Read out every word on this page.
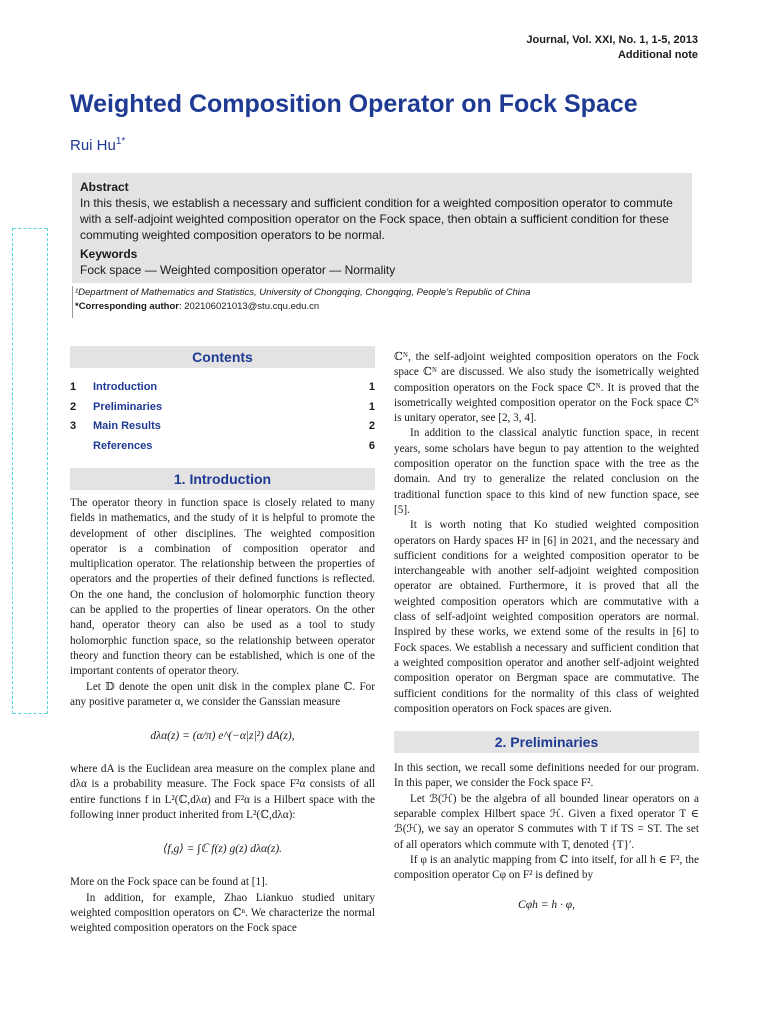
Journal, Vol. XXI, No. 1, 1-5, 2013
Additional note
Weighted Composition Operator on Fock Space
Rui $Hu^{1*}$
Abstract
In this thesis, we establish a necessary and sufficient condition for a weighted composition operator to commute with a self-adjoint weighted composition operator on the Fock space, then obtain a sufficient condition for these commuting weighted composition operators to be normal.
Keywords
Fock space — Weighted composition operator — Normality
¹Department of Mathematics and Statistics, University of Chongqing, Chongqing, People's Republic of China
*Corresponding author: 202106021013@stu.cqu.edu.cn
Contents
1	Introduction	1
2	Preliminaries	1
3	Main Results	2
References	6
1. Introduction

The operator theory in function space is closely related to many fields in mathematics, and the study of it is helpful to promote the development of other disciplines. The weighted composition operator is a combination of composition operator and multiplication operator. The relationship between the properties of operators and the properties of their defined functions is reflected. On the one hand, the conclusion of holomorphic function theory can be applied to the properties of linear operators. On the other hand, operator theory can also be used as a tool to study holomorphic function space, so the relationship between operator theory and function theory can be established, which is one of the important contents of operator theory.

Let 𝔻 denote the open unit disk in the complex plane ℂ. For any positive parameter α, we consider the Ganssian measure

dλα(z) = (α/π) e^(−α|z|²) dA(z),

where dA is the Euclidean area measure on the complex plane and dλα is a probability measure. The Fock space F²α consists of all entire functions f in L²(ℂ,dλα) and F²α is a Hilbert space with the following inner product inherited from L²(ℂ,dλα):

⟨f,g⟩ = ∫ℂ f(z) g(z) dλα(z).

More on the Fock space can be found at [1].

In addition, for example, Zhao Liankuo studied unitary weighted composition operators on ℂⁿ. We characterize the normal weighted composition operators on the Fock space

ℂᴺ, the self-adjoint weighted composition operators on the Fock space ℂᴺ are discussed. We also study the isometrically weighted composition operators on the Fock space ℂᴺ. It is proved that the isometrically weighted composition operator on the Fock space ℂᴺ is unitary operator, see [2, 3, 4].

In addition to the classical analytic function space, in recent years, some scholars have begun to pay attention to the weighted composition operator on the function space with the tree as the domain. And try to generalize the related conclusion on the traditional function space to this kind of new function space, see [5].

It is worth noting that Ko studied weighted composition operators on Hardy spaces H² in [6] in 2021, and the necessary and sufficient conditions for a weighted composition operator to be interchangeable with another self-adjoint weighted composition operator are obtained. Furthermore, it is proved that all the weighted composition operators which are commutative with a class of self-adjoint weighted composition operators are normal. Inspired by these works, we extend some of the results in [6] to Fock spaces. We establish a necessary and sufficient condition that a weighted composition operator and another self-adjoint weighted composition operator on Bergman space are commutative. The sufficient conditions for the normality of this class of weighted composition operators on Fock spaces are given.

2. Preliminaries

In this section, we recall some definitions needed for our program. In this paper, we consider the Fock space F².

Let ℬ(ℋ) be the algebra of all bounded linear operators on a separable complex Hilbert space ℋ. Given a fixed operator T ∈ ℬ(ℋ), we say an operator S commutes with T if TS = ST. The set of all operators which commute with T, denoted {T}′.

If φ is an analytic mapping from ℂ into itself, for all h ∈ F², the composition operator Cφ on F² is defined by

Cφh = h · φ,
